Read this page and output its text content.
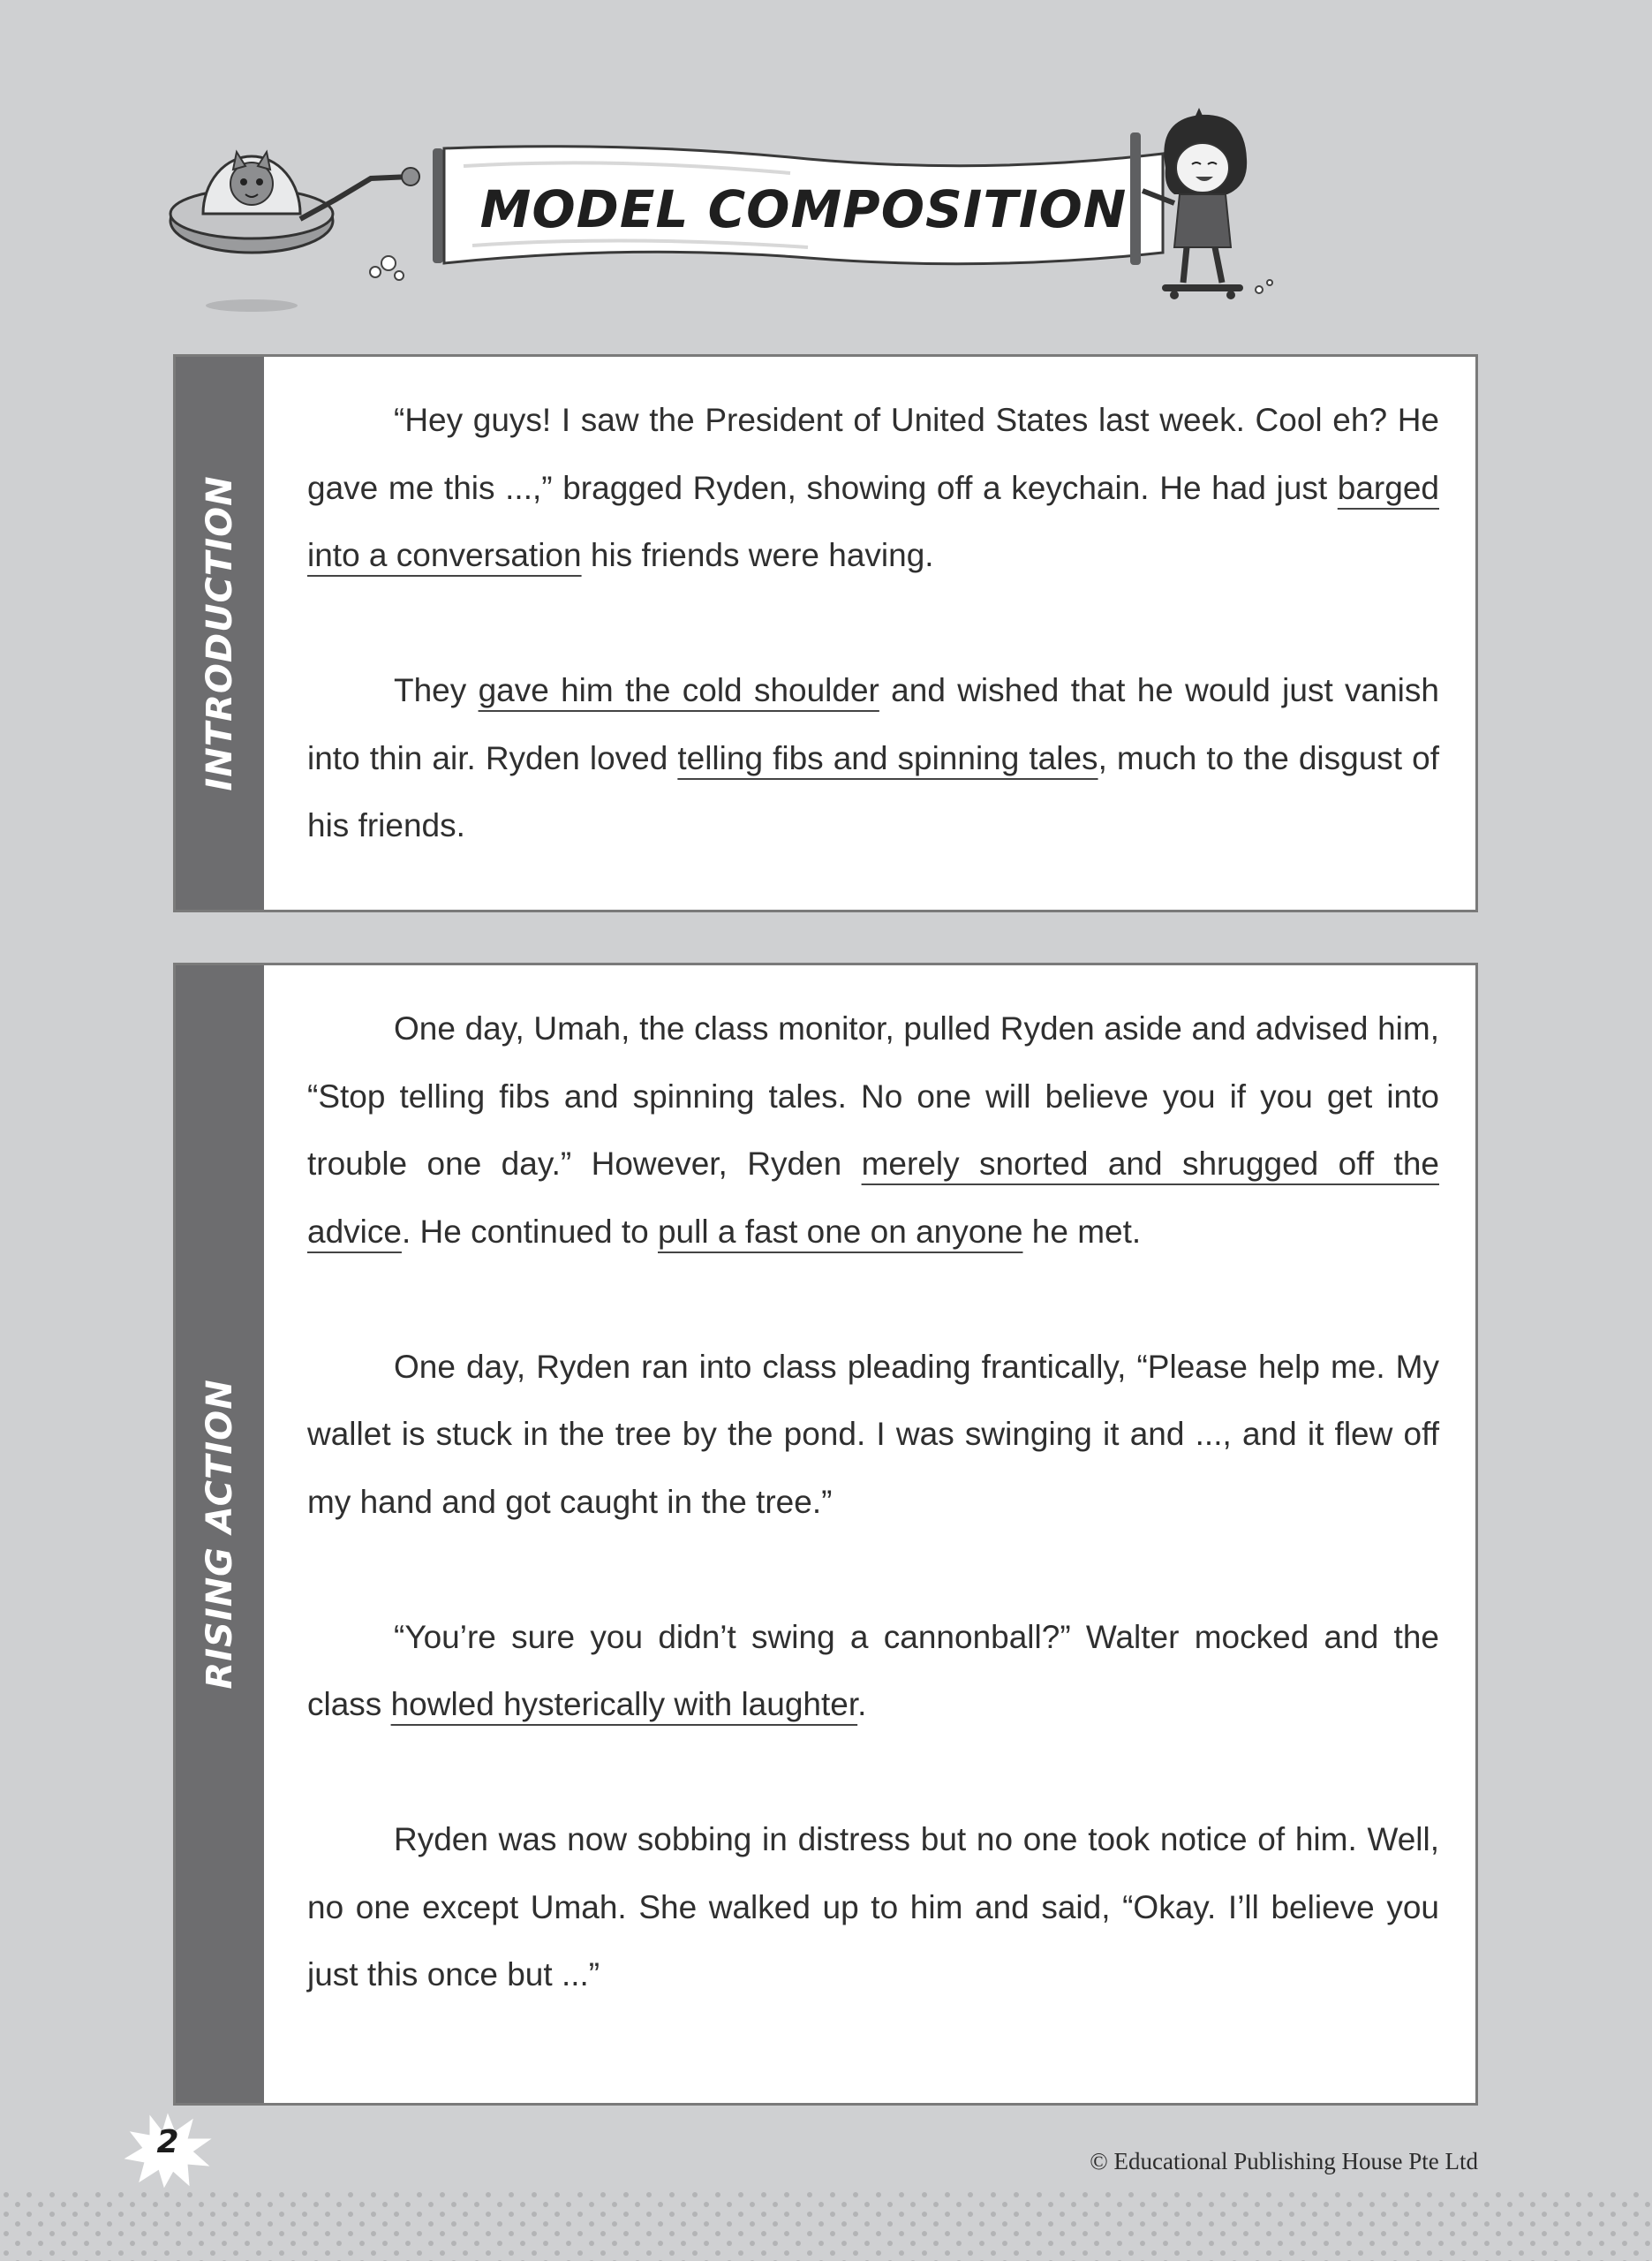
MODEL COMPOSITION
INTRODUCTION

“Hey guys! I saw the President of United States last week. Cool eh? He gave me this ...,” bragged Ryden, showing off a keychain. He had just barged into a conversation his friends were having.

They gave him the cold shoulder and wished that he would just vanish into thin air. Ryden loved telling fibs and spinning tales, much to the disgust of his friends.

RISING ACTION

One day, Umah, the class monitor, pulled Ryden aside and advised him, “Stop telling fibs and spinning tales. No one will believe you if you get into trouble one day.” However, Ryden merely snorted and shrugged off the advice. He continued to pull a fast one on anyone he met.

One day, Ryden ran into class pleading frantically, “Please help me. My wallet is stuck in the tree by the pond. I was swinging it and ..., and it flew off my hand and got caught in the tree.”

“You’re sure you didn’t swing a cannonball?” Walter mocked and the class howled hysterically with laughter.

Ryden was now sobbing in distress but no one took notice of him. Well, no one except Umah. She walked up to him and said, “Okay. I’ll believe you just this once but ...”

2
© Educational Publishing House Pte Ltd
